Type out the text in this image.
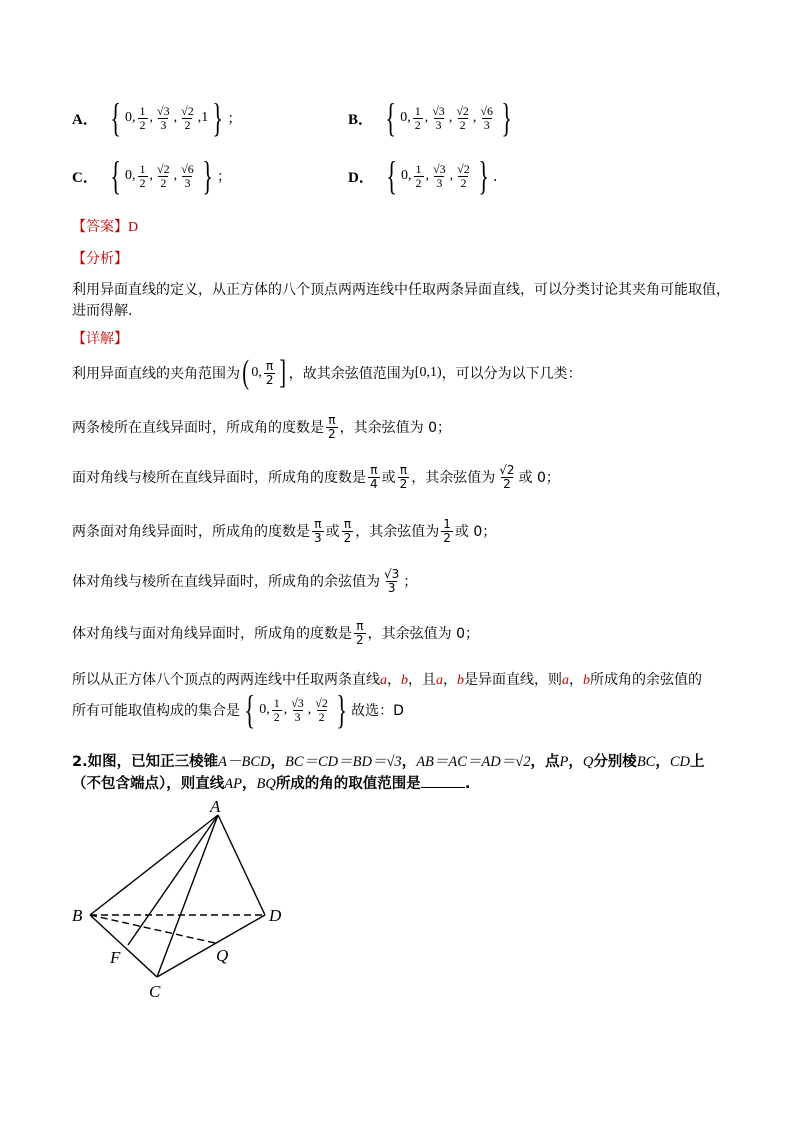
A． { 0 , $\frac{1}{2}$ , $\frac{√3}{3}$ , $\frac{√2}{2}$ , 1 } ；	B． { 0 , $\frac{1}{2}$ , $\frac{√3}{3}$ , $\frac{√2}{2}$ , $\frac{√6}{3}$ }
C． { 0 , $\frac{1}{2}$ , $\frac{√2}{2}$ , $\frac{√6}{3}$ } ；	D． { 0 , $\frac{1}{2}$ , $\frac{√3}{3}$ , $\frac{√2}{2}$ } ．
【答案】D
【分析】
利用异面直线的定义，从正方体的八个顶点两两连线中任取两条异面直线，可以分类讨论其夹角可能取值，
进而得解.
【详解】
利用异面直线的夹角范围为 ( 0, $\frac{\pi}{2}$ ] ，故其余弦值范围为 [0,1) ，可以分为以下几类：
两条棱所在直线异面时，所成角的度数是 $\frac{\pi}{2}$ ，其余弦值为 0；
面对角线与棱所在直线异面时，所成角的度数是 $\frac{\pi}{4}$ 或 $\frac{\pi}{2}$ ，其余弦值为 $\frac{√2}{2}$ 或 0；
两条面对角线异面时，所成角的度数是 $\frac{\pi}{3}$ 或 $\frac{\pi}{2}$ ，其余弦值为 $\frac{1}{2}$ 或 0；
体对角线与棱所在直线异面时，所成角的余弦值为 $\frac{√3}{3}$ ；
体对角线与面对角线异面时，所成角的度数是 $\frac{\pi}{2}$ ，其余弦值为 0；
所以从正方体八个顶点的两两连线中任取两条直线a，b，且a，b是异面直线，则a，b所成角的余弦值的
所有可能取值构成的集合是 { 0 , $\frac{1}{2}$ , $\frac{√3}{3}$ , $\frac{√2}{2}$ } 故选：D
2.如图，已知正三棱锥A－BCD，BC＝CD＝BD＝√3，AB＝AC＝AD＝√2，点P，Q分别棱BC，CD上
（不包含端点），则直线AP，BQ所成的角的取值范围是	.
A
B	D
C
F	Q
